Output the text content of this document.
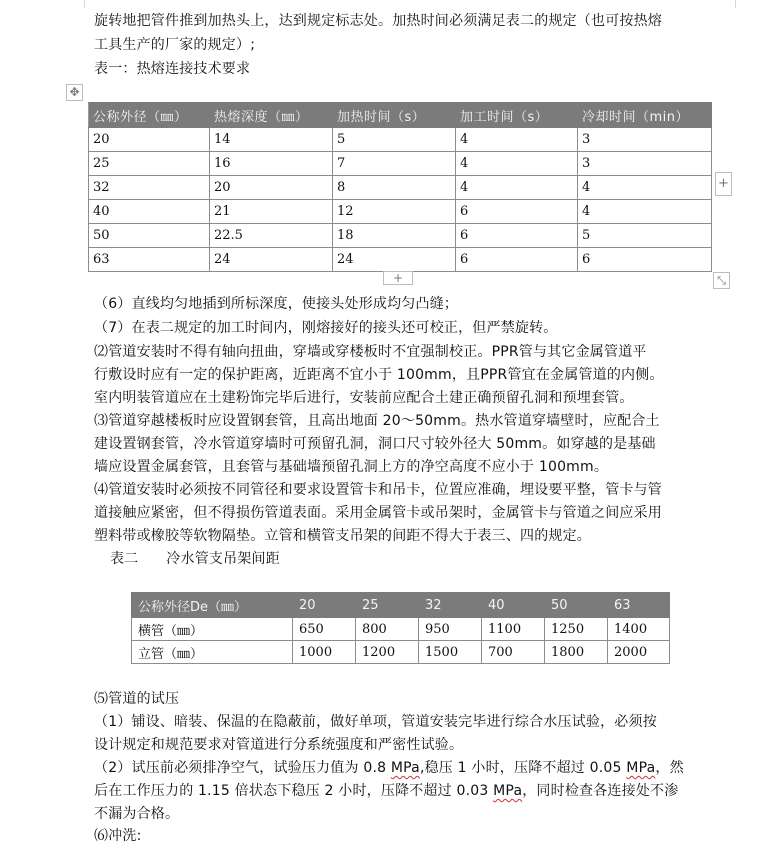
旋转地把管件推到加热头上，达到规定标志处。加热时间必须满足表二的规定（也可按热熔
工具生产的厂家的规定）;
表一：热熔连接技术要求
✥
公称外径（㎜）	热熔深度（㎜）	加热时间（s）	加工时间（s）	冷却时间（min）
20	14	5	4	3
25	16	7	4	3
32	20	8	4	4
40	21	12	6	4
50	22.5	18	6	5
63	24	24	6	6
+
+	⤡
（6）直线均匀地插到所标深度，使接头处形成均匀凸缝；
（7）在表二规定的加工时间内，刚熔接好的接头还可校正，但严禁旋转。
⑵管道安装时不得有轴向扭曲，穿墙或穿楼板时不宜强制校正。PPR管与其它金属管道平
行敷设时应有一定的保护距离，近距离不宜小于 100mm，且PPR管宜在金属管道的内侧。
室内明装管道应在土建粉饰完毕后进行，安装前应配合土建正确预留孔洞和预埋套管。
⑶管道穿越楼板时应设置钢套管，且高出地面 20～50mm。热水管道穿墙壁时，应配合土
建设置钢套管，冷水管道穿墙时可预留孔洞，洞口尺寸较外径大 50mm。如穿越的是基础
墙应设置金属套管，且套管与基础墙预留孔洞上方的净空高度不应小于 100mm。
⑷管道安装时必须按不同管径和要求设置管卡和吊卡，位置应准确，埋设要平整，管卡与管
道接触应紧密，但不得损伤管道表面。采用金属管卡或吊架时，金属管卡与管道之间应采用
塑料带或橡胶等软物隔垫。立管和横管支吊架的间距不得大于表三、四的规定。
表二      冷水管支吊架间距
公称外径De（㎜）	20	25	32	40	50	63
横管（㎜）	650	800	950	1100	1250	1400
立管（㎜）	1000	1200	1500	700	1800	2000
⑸管道的试压
（1）铺设、暗装、保温的在隐蔽前，做好单项，管道安装完毕进行综合水压试验，必须按
设计规定和规范要求对管道进行分系统强度和严密性试验。
（2）试压前必须排净空气，试验压力值为 0.8 MPa,稳压 1 小时，压降不超过 0.05 MPa，然
后在工作压力的 1.15 倍状态下稳压 2 小时，压降不超过 0.03 MPa，同时检查各连接处不渗
不漏为合格。
⑹冲洗:
